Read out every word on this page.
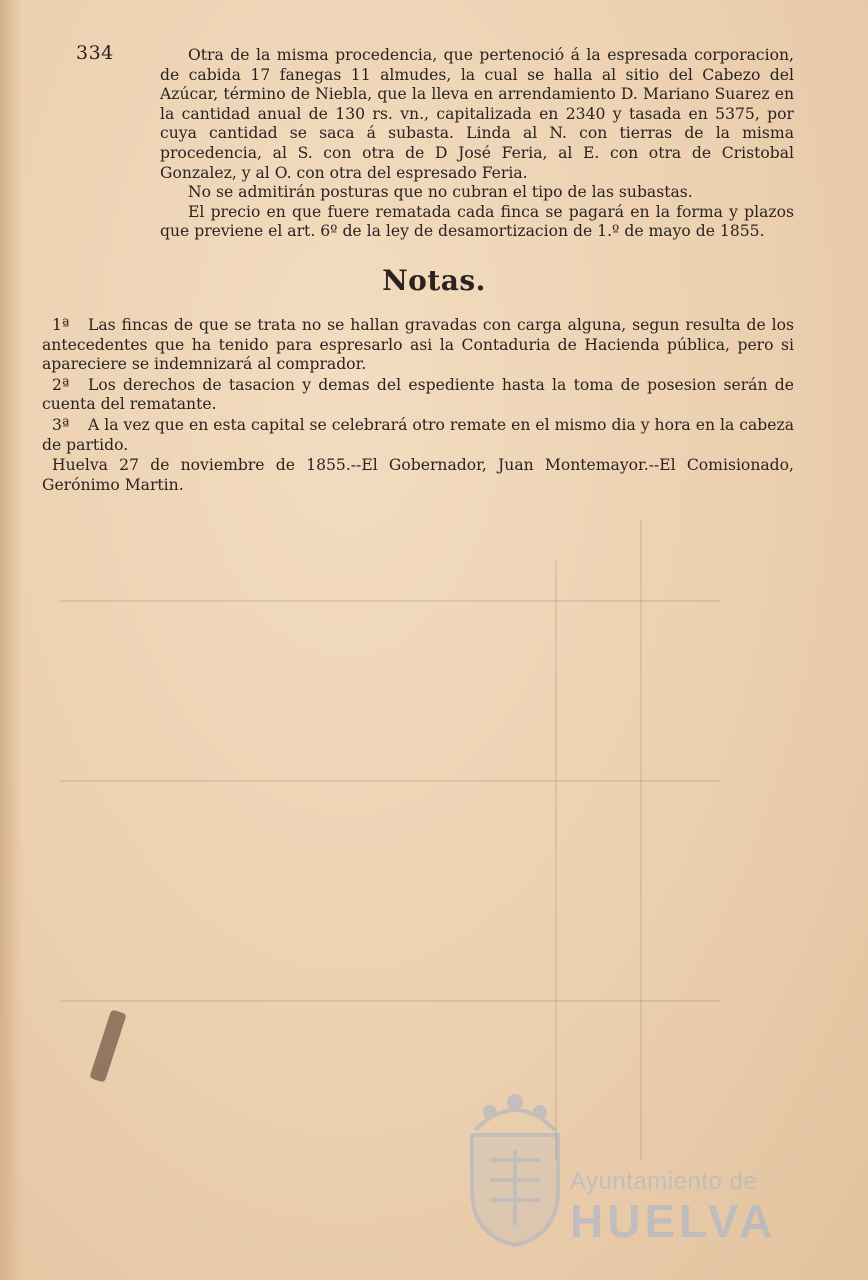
334	Otra de la misma procedencia, que pertenoció á la espresada corporacion, de cabida 17 fanegas 11 almudes, la cual se halla al sitio del Cabezo del Azúcar, término de Niebla, que la lleva en arrendamiento D. Mariano Suarez en la cantidad anual de 130 rs. vn., capitalizada en 2340 y tasada en 5375, por cuya cantidad se saca á subasta. Linda al N. con tierras de la misma procedencia, al S. con otra de D José Feria, al E. con otra de Cristobal Gonzalez, y al O. con otra del espresado Feria.

No se admitirán posturas que no cubran el tipo de las subastas.

El precio en que fuere rematada cada finca se pagará en la forma y plazos que previene el art. 6º de la ley de desamortizacion de 1.º de mayo de 1855.

Notas.

1ª Las fincas de que se trata no se hallan gravadas con carga alguna, segun resulta de los antecedentes que ha tenido para espresarlo asi la Contaduria de Hacienda pública, pero si apareciere se indemnizará al comprador.

2ª Los derechos de tasacion y demas del espediente hasta la toma de posesion serán de cuenta del rematante.

3ª A la vez que en esta capital se celebrará otro remate en el mismo dia y hora en la cabeza de partido.

Huelva 27 de noviembre de 1855.--El Gobernador, Juan Montemayor.--El Comisionado, Gerónimo Martin.

Ayuntamiento de
HUELVA
